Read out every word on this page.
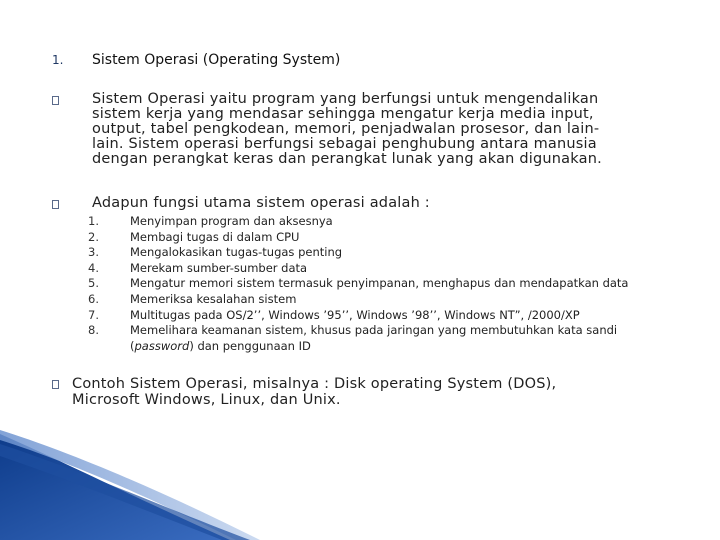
1. Sistem Operasi (Operating System)
Sistem Operasi yaitu program yang berfungsi untuk mengendalikan
sistem kerja yang mendasar sehingga mengatur kerja media input,
output, tabel pengkodean, memori, penjadwalan prosesor, dan lain-
lain. Sistem operasi berfungsi sebagai penghubung antara manusia
dengan perangkat keras dan perangkat lunak yang akan digunakan.
Adapun fungsi utama sistem operasi adalah :
1.	Menyimpan program dan aksesnya
2.	Membagi tugas di dalam CPU
3.	Mengalokasikan tugas-tugas penting
4.	Merekam sumber-sumber data
5.	Mengatur memori sistem termasuk penyimpanan, menghapus dan mendapatkan data
6.	Memeriksa kesalahan sistem
7.	Multitugas pada OS/2’’, Windows ’95’’, Windows ’98’’, Windows NT”, /2000/XP
8.	Memelihara keamanan sistem, khusus pada jaringan yang membutuhkan kata sandi
(password) dan penggunaan ID
Contoh Sistem Operasi, misalnya : Disk operating System (DOS),
Microsoft Windows, Linux, dan Unix.
